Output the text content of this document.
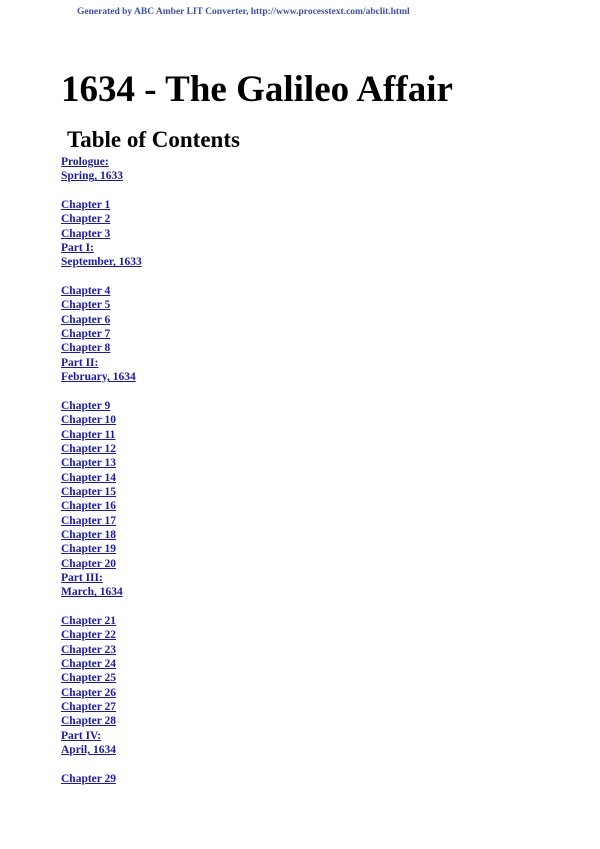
Generated by ABC Amber LIT Converter, http://www.processtext.com/abclit.html
1634 - The Galileo Affair
Table of Contents
Prologue:
Spring, 1633
Chapter 1
Chapter 2
Chapter 3
Part I:
September, 1633
Chapter 4
Chapter 5
Chapter 6
Chapter 7
Chapter 8
Part II:
February, 1634
Chapter 9
Chapter 10
Chapter 11
Chapter 12
Chapter 13
Chapter 14
Chapter 15
Chapter 16
Chapter 17
Chapter 18
Chapter 19
Chapter 20
Part III:
March, 1634
Chapter 21
Chapter 22
Chapter 23
Chapter 24
Chapter 25
Chapter 26
Chapter 27
Chapter 28
Part IV:
April, 1634
Chapter 29
